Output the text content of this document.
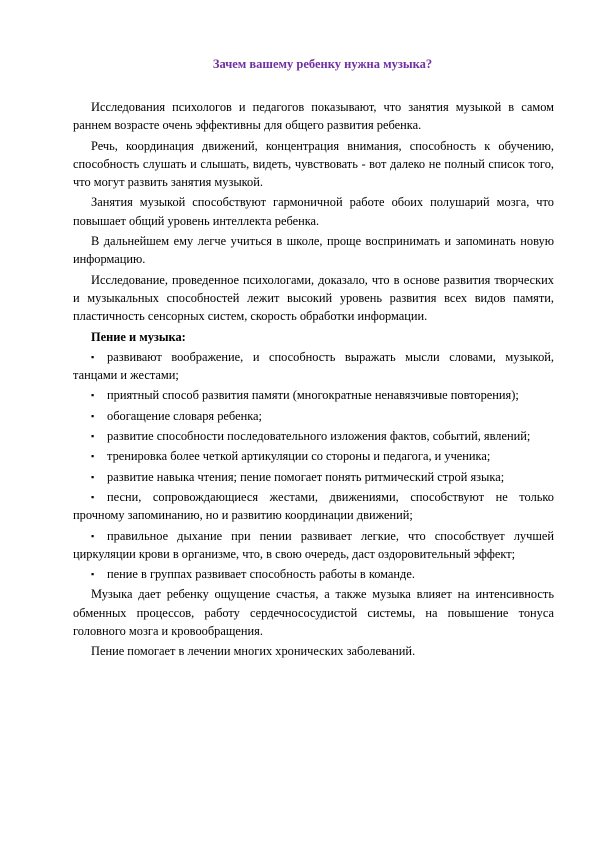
Зачем вашему ребенку нужна музыка?

Исследования психологов и педагогов показывают, что занятия музыкой в самом раннем возрасте очень эффективны для общего развития ребенка.

Речь, координация движений, концентрация внимания, способность к обучению, способность слушать и слышать, видеть, чувствовать - вот далеко не полный список того, что могут развить занятия музыкой.

Занятия музыкой способствуют гармоничной работе обоих полушарий мозга, что повышает общий уровень интеллекта ребенка.

В дальнейшем ему легче учиться в школе, проще воспринимать и запоминать новую информацию.

Исследование, проведенное психологами, доказало, что в основе развития творческих и музыкальных способностей лежит высокий уровень развития всех видов памяти, пластичность сенсорных систем, скорость обработки информации.

Пение и музыка:
▪ развивают воображение, и способность выражать мысли словами, музыкой, танцами и жестами;
▪ приятный способ развития памяти (многократные ненавязчивые повторения);
▪ обогащение словаря ребенка;
▪ развитие способности последовательного изложения фактов, событий, явлений;
▪ тренировка более четкой артикуляции со стороны и педагога, и ученика;
▪ развитие навыка чтения; пение помогает понять ритмический строй языка;
▪ песни, сопровождающиеся жестами, движениями, способствуют не только прочному запоминанию, но и развитию координации движений;
▪ правильное дыхание при пении развивает легкие, что способствует лучшей циркуляции крови в организме, что, в свою очередь, даст оздоровительный эффект;
▪ пение в группах развивает способность работы в команде.

Музыка дает ребенку ощущение счастья, а также музыка влияет на интенсивность обменных процессов, работу сердечнососудистой системы, на повышение тонуса головного мозга и кровообращения.

Пение помогает в лечении многих хронических заболеваний.
